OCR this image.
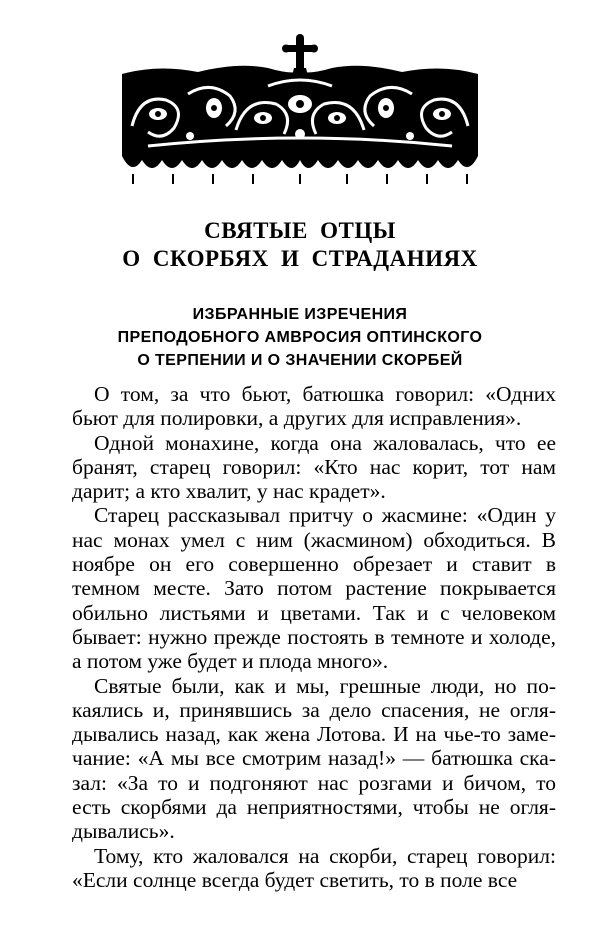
СВЯТЫЕ ОТЦЫ
О СКОРБЯХ И СТРАДАНИЯХ
ИЗБРАННЫЕ ИЗРЕЧЕНИЯ
ПРЕПОДОБНОГО АМВРОСИЯ ОПТИНСКОГО
О ТЕРПЕНИИ И О ЗНАЧЕНИИ СКОРБЕЙ

О том, за что бьют, батюшка говорил: «Одних бьют для полировки, а других для исправления».

Одной монахине, когда она жаловалась, что ее бранят, старец говорил: «Кто нас корит, тот нам дарит; а кто хвалит, у нас крадет».

Старец рассказывал притчу о жасмине: «Один у нас монах умел с ним (жасмином) обходиться. В ноябре он его совершенно обрезает и ставит в темном месте. Зато потом растение покрывается обильно листьями и цветами. Так и с человеком бывает: нужно прежде постоять в темноте и холоде, а потом уже будет и плода много».

Святые были, как и мы, грешные люди, но покаялись и, принявшись за дело спасения, не оглядывались назад, как жена Лотова. И на чье-то замечание: «А мы все смотрим назад!» — батюшка сказал: «За то и подгоняют нас розгами и бичом, то есть скорбями да неприятностями, чтобы не оглядывались».

Тому, кто жаловался на скорби, старец говорил: «Если солнце всегда будет светить, то в поле все
